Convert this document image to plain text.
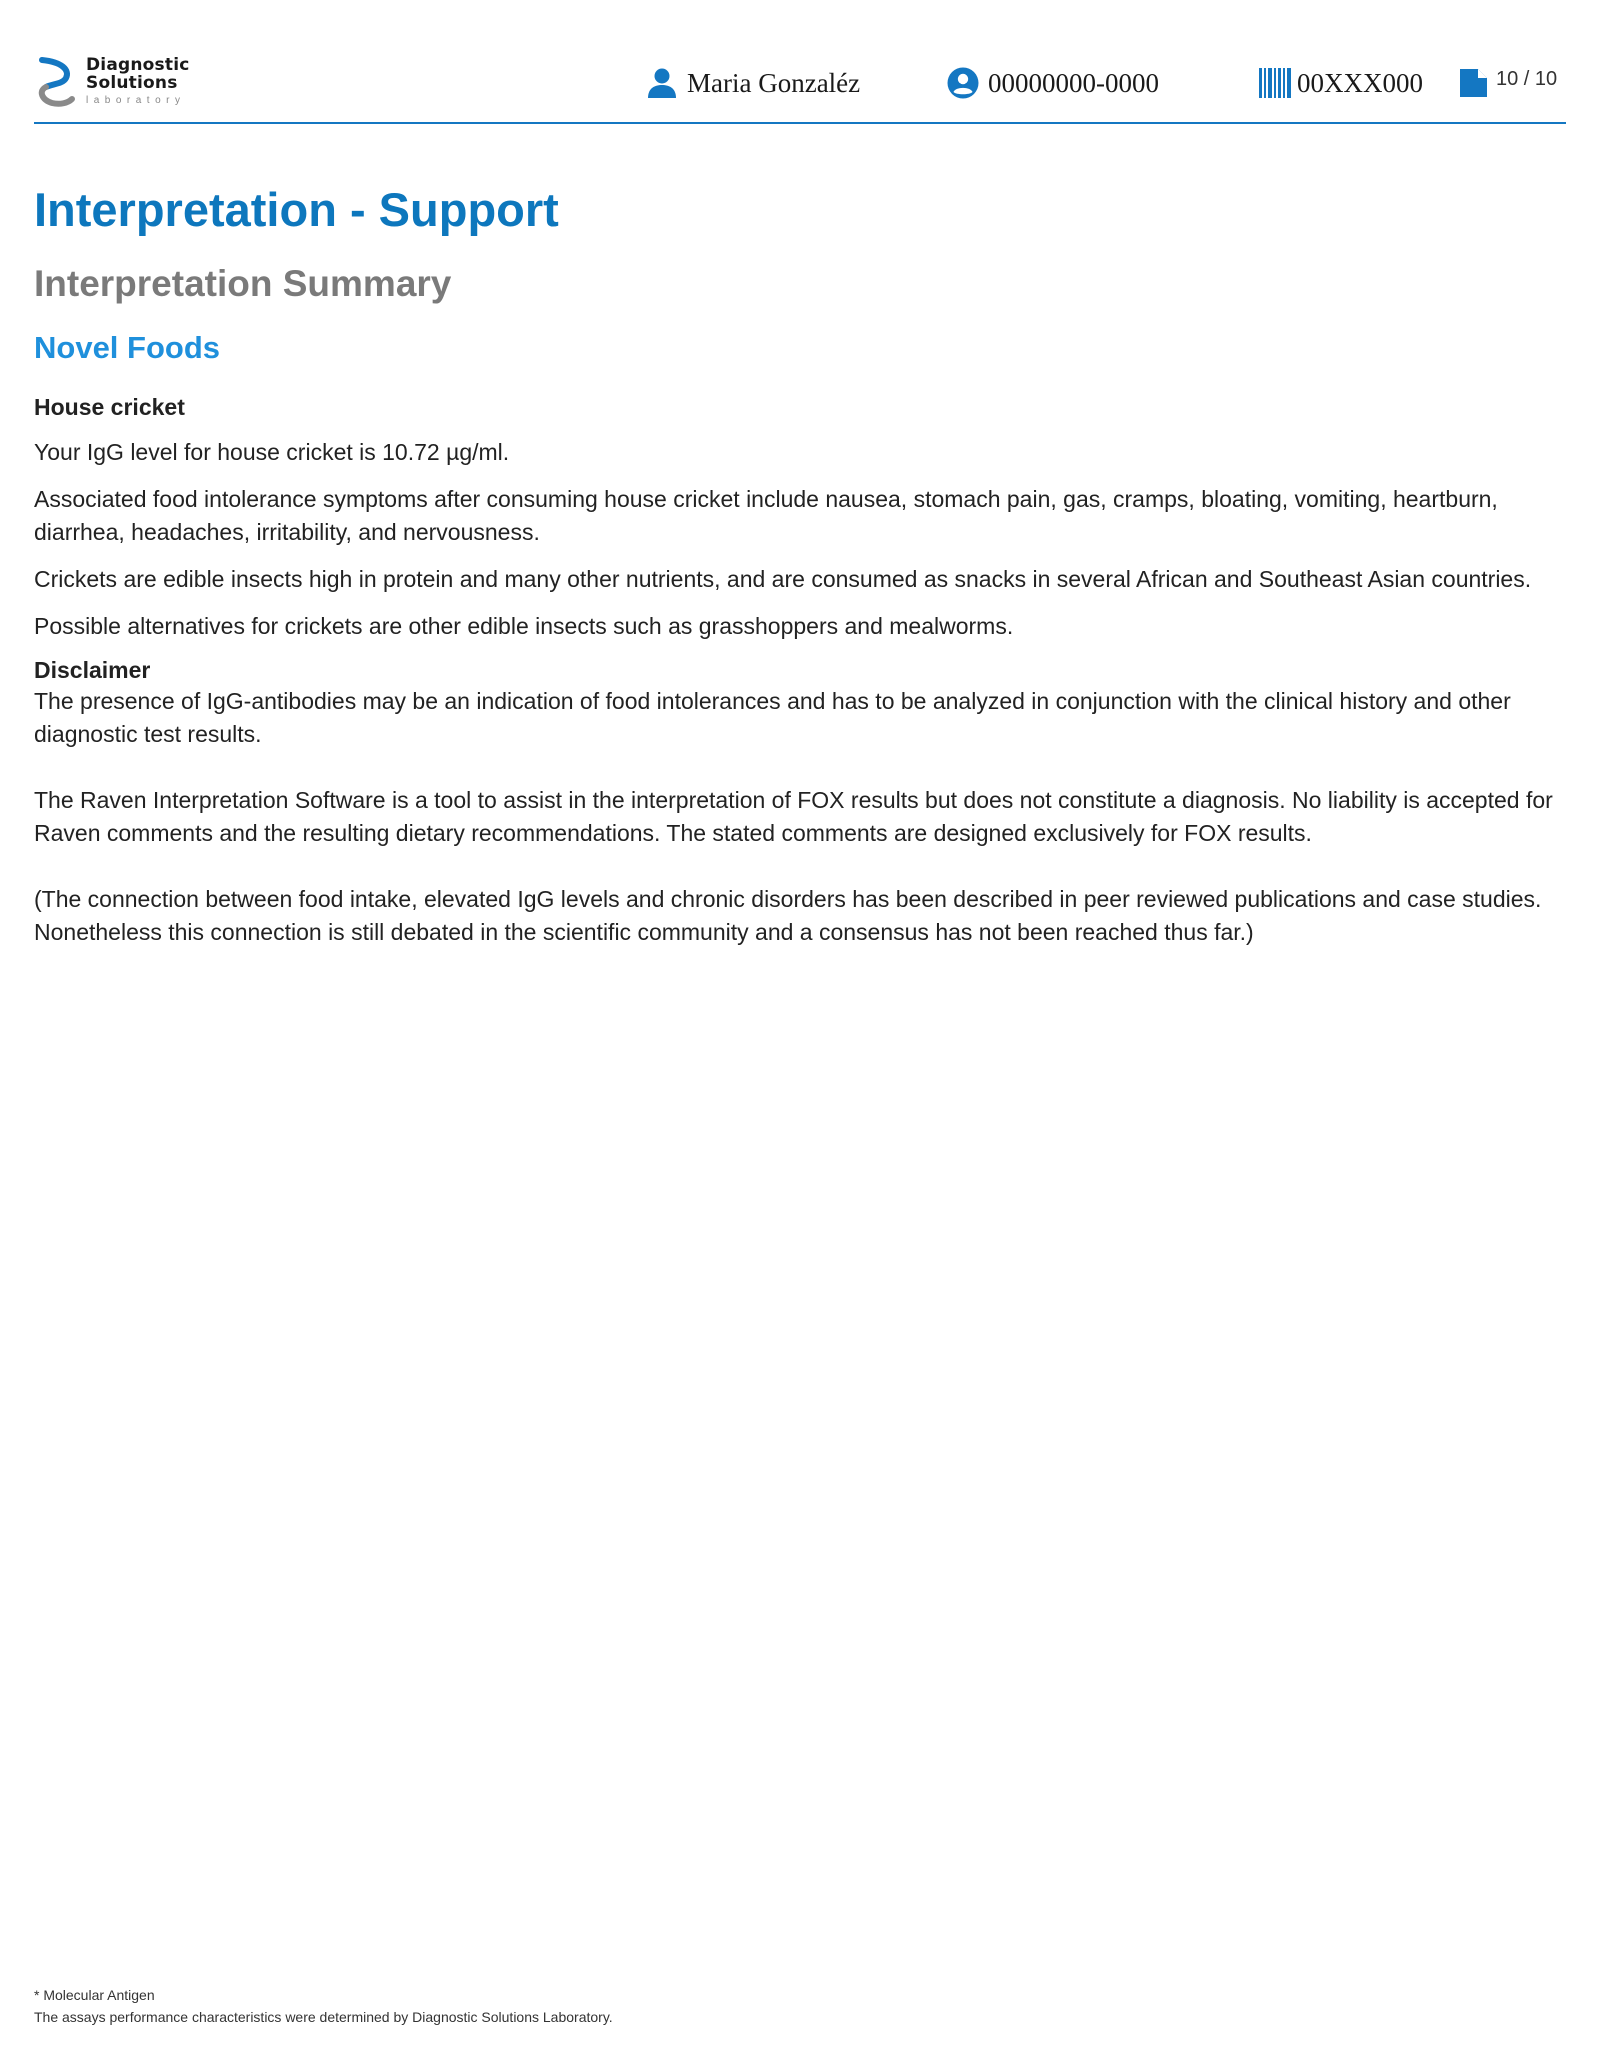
Diagnostic
Solutions
laboratory
Maria Gonzaléz	00000000-0000	00XXX000	10 / 10
Interpretation - Support
Interpretation Summary
Novel Foods
House cricket

Your IgG level for house cricket is 10.72 µg/ml.

Associated food intolerance symptoms after consuming house cricket include nausea, stomach pain, gas, cramps, bloating, vomiting, heartburn, diarrhea, headaches, irritability, and nervousness.

Crickets are edible insects high in protein and many other nutrients, and are consumed as snacks in several African and Southeast Asian countries.

Possible alternatives for crickets are other edible insects such as grasshoppers and mealworms.

Disclaimer

The presence of IgG-antibodies may be an indication of food intolerances and has to be analyzed in conjunction with the clinical history and other diagnostic test results.

The Raven Interpretation Software is a tool to assist in the interpretation of FOX results but does not constitute a diagnosis. No liability is accepted for Raven comments and the resulting dietary recommendations. The stated comments are designed exclusively for FOX results.

(The connection between food intake, elevated IgG levels and chronic disorders has been described in peer reviewed publications and case studies. Nonetheless this connection is still debated in the scientific community and a consensus has not been reached thus far.)

* Molecular Antigen
The assays performance characteristics were determined by Diagnostic Solutions Laboratory.
